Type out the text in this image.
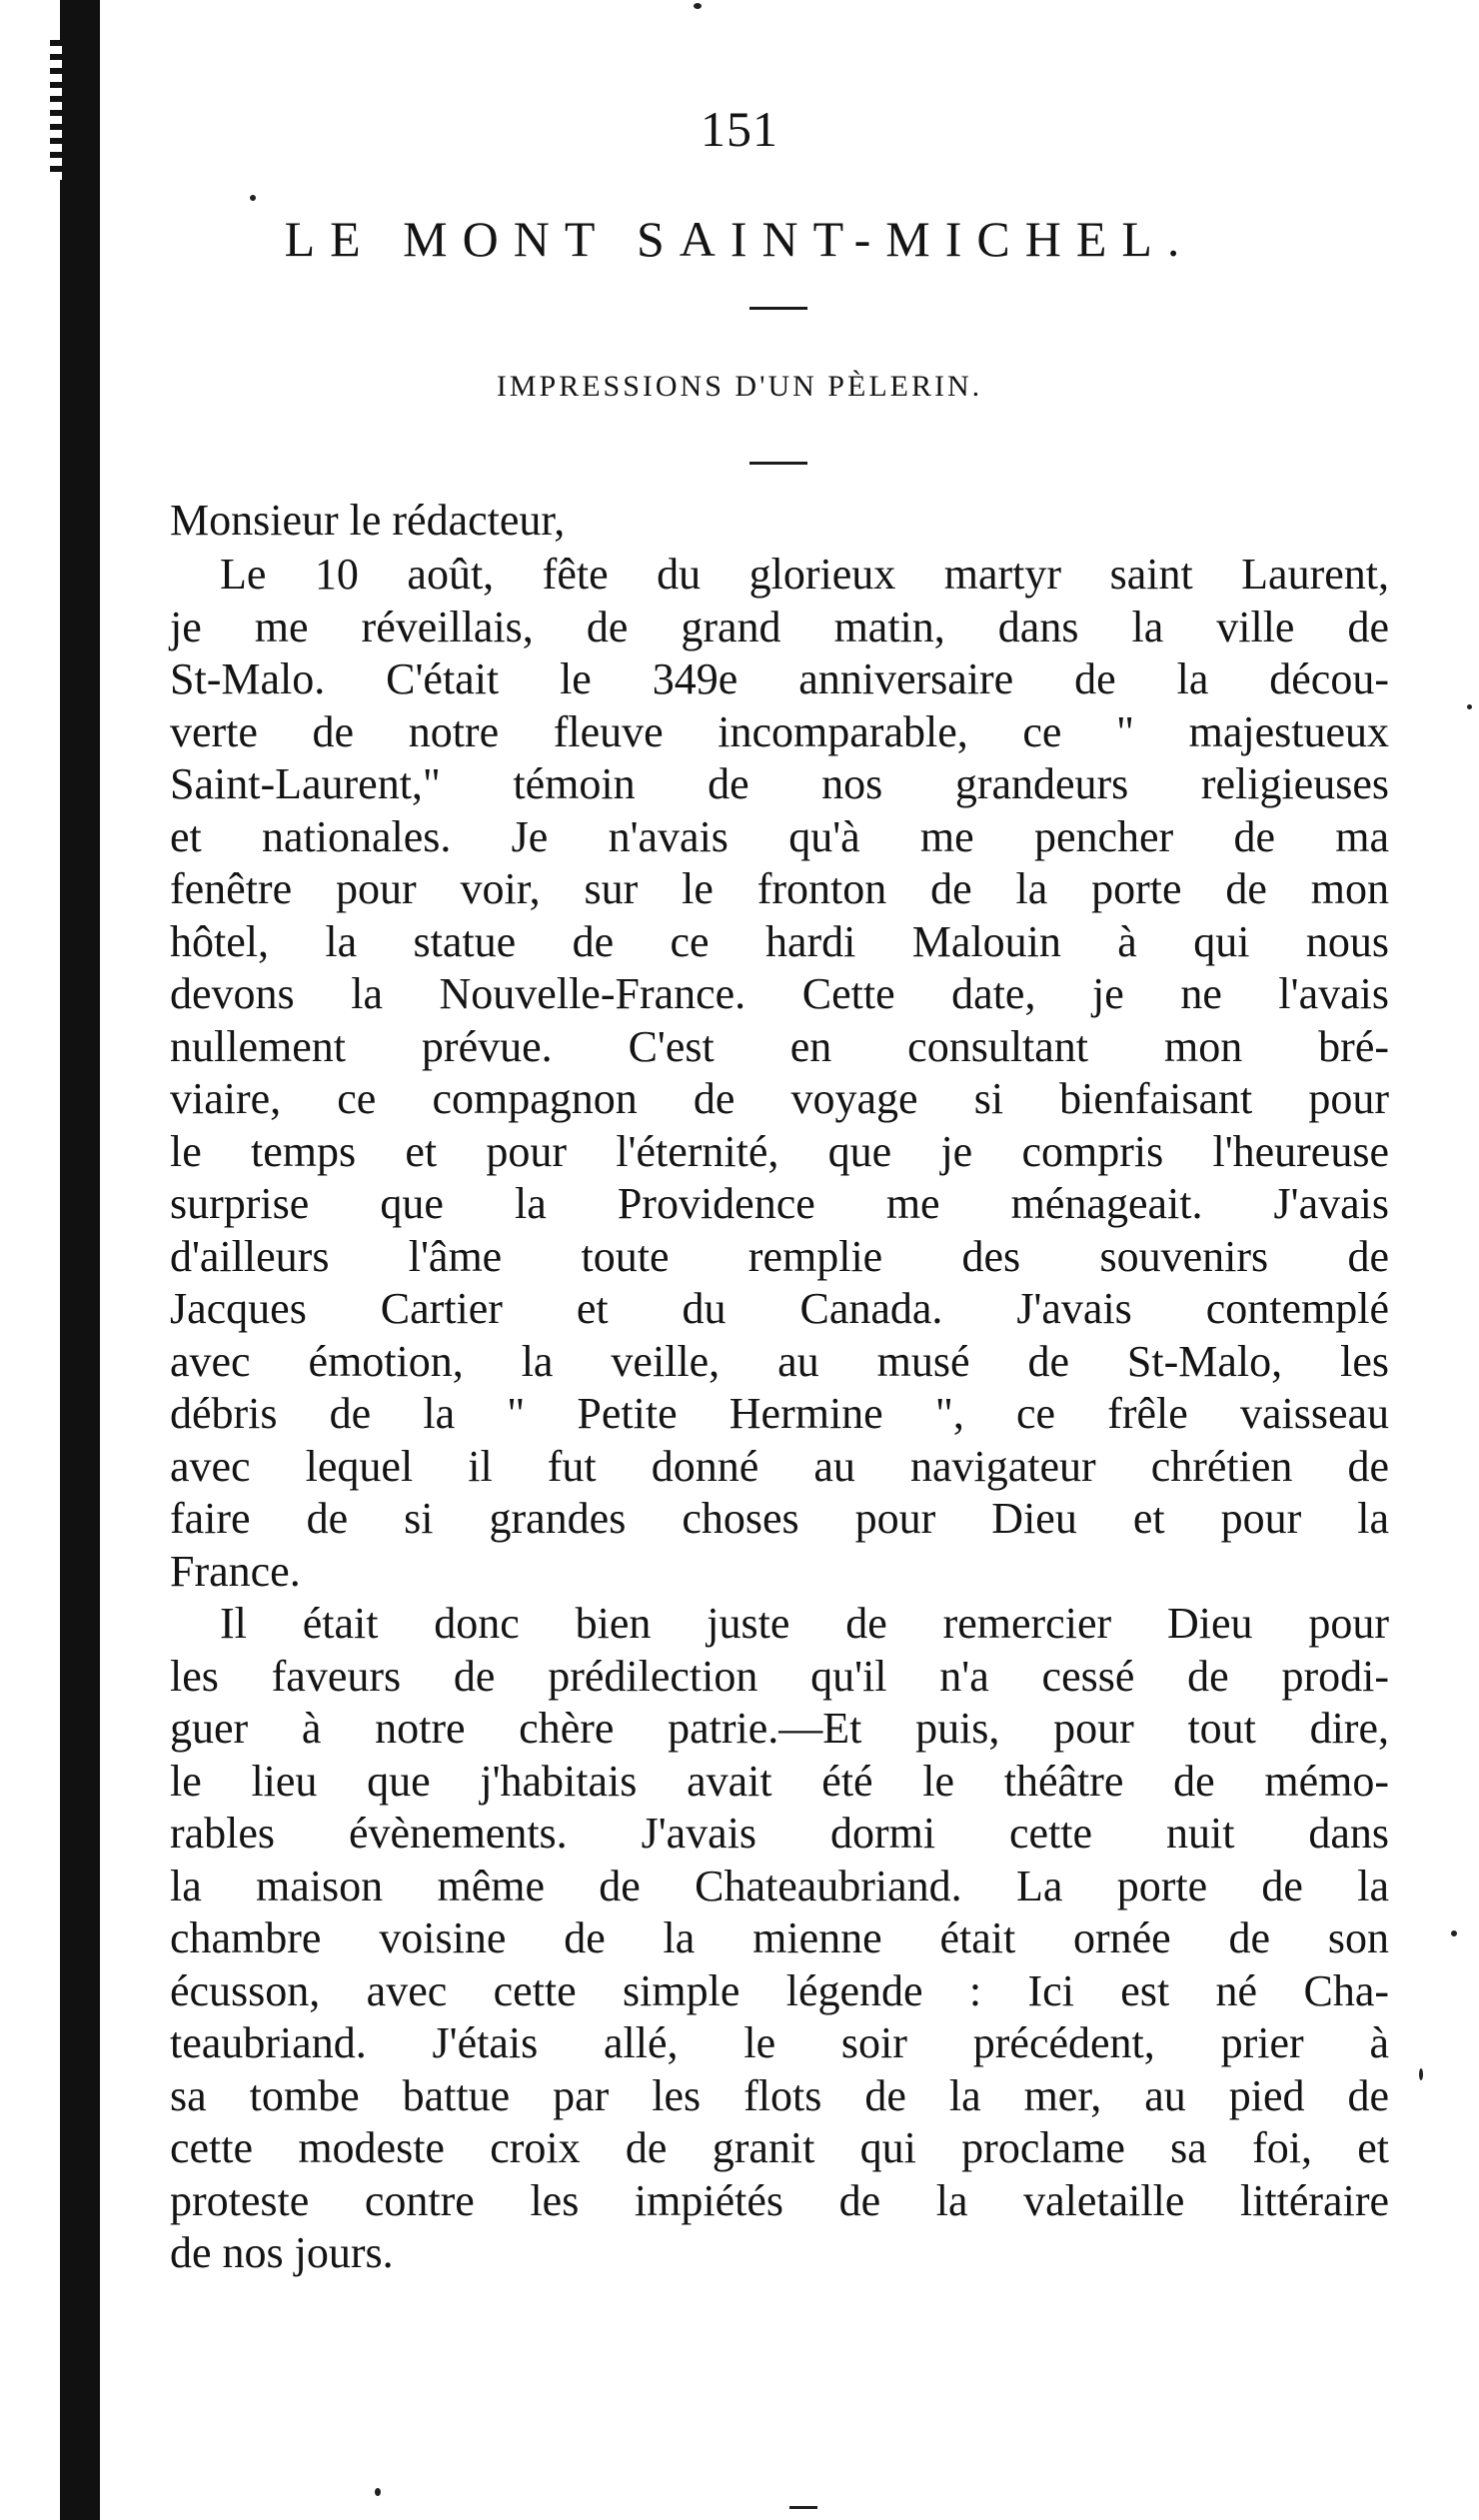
151
LE MONT SAINT-MICHEL.
IMPRESSIONS D'UN PÈLERIN.

Monsieur le rédacteur,

Le 10 août, fête du glorieux martyr saint Laurent,
je me réveillais, de grand matin, dans la ville de
St-Malo. C'était le 349e anniversaire de la décou-
verte de notre fleuve incomparable, ce " majestueux
Saint-Laurent," témoin de nos grandeurs religieuses
et nationales. Je n'avais qu'à me pencher de ma
fenêtre pour voir, sur le fronton de la porte de mon
hôtel, la statue de ce hardi Malouin à qui nous
devons la Nouvelle-France. Cette date, je ne l'avais
nullement prévue. C'est en consultant mon bré-
viaire, ce compagnon de voyage si bienfaisant pour
le temps et pour l'éternité, que je compris l'heureuse
surprise que la Providence me ménageait. J'avais
d'ailleurs l'âme toute remplie des souvenirs de
Jacques Cartier et du Canada. J'avais contemplé
avec émotion, la veille, au musé de St-Malo, les
débris de la " Petite Hermine ", ce frêle vaisseau
avec lequel il fut donné au navigateur chrétien de
faire de si grandes choses pour Dieu et pour la
France.
Il était donc bien juste de remercier Dieu pour
les faveurs de prédilection qu'il n'a cessé de prodi-
guer à notre chère patrie.—Et puis, pour tout dire,
le lieu que j'habitais avait été le théâtre de mémo-
rables évènements. J'avais dormi cette nuit dans
la maison même de Chateaubriand. La porte de la
chambre voisine de la mienne était ornée de son
écusson, avec cette simple légende : Ici est né Cha-
teaubriand. J'étais allé, le soir précédent, prier à
sa tombe battue par les flots de la mer, au pied de
cette modeste croix de granit qui proclame sa foi, et
proteste contre les impiétés de la valetaille littéraire
de nos jours.
